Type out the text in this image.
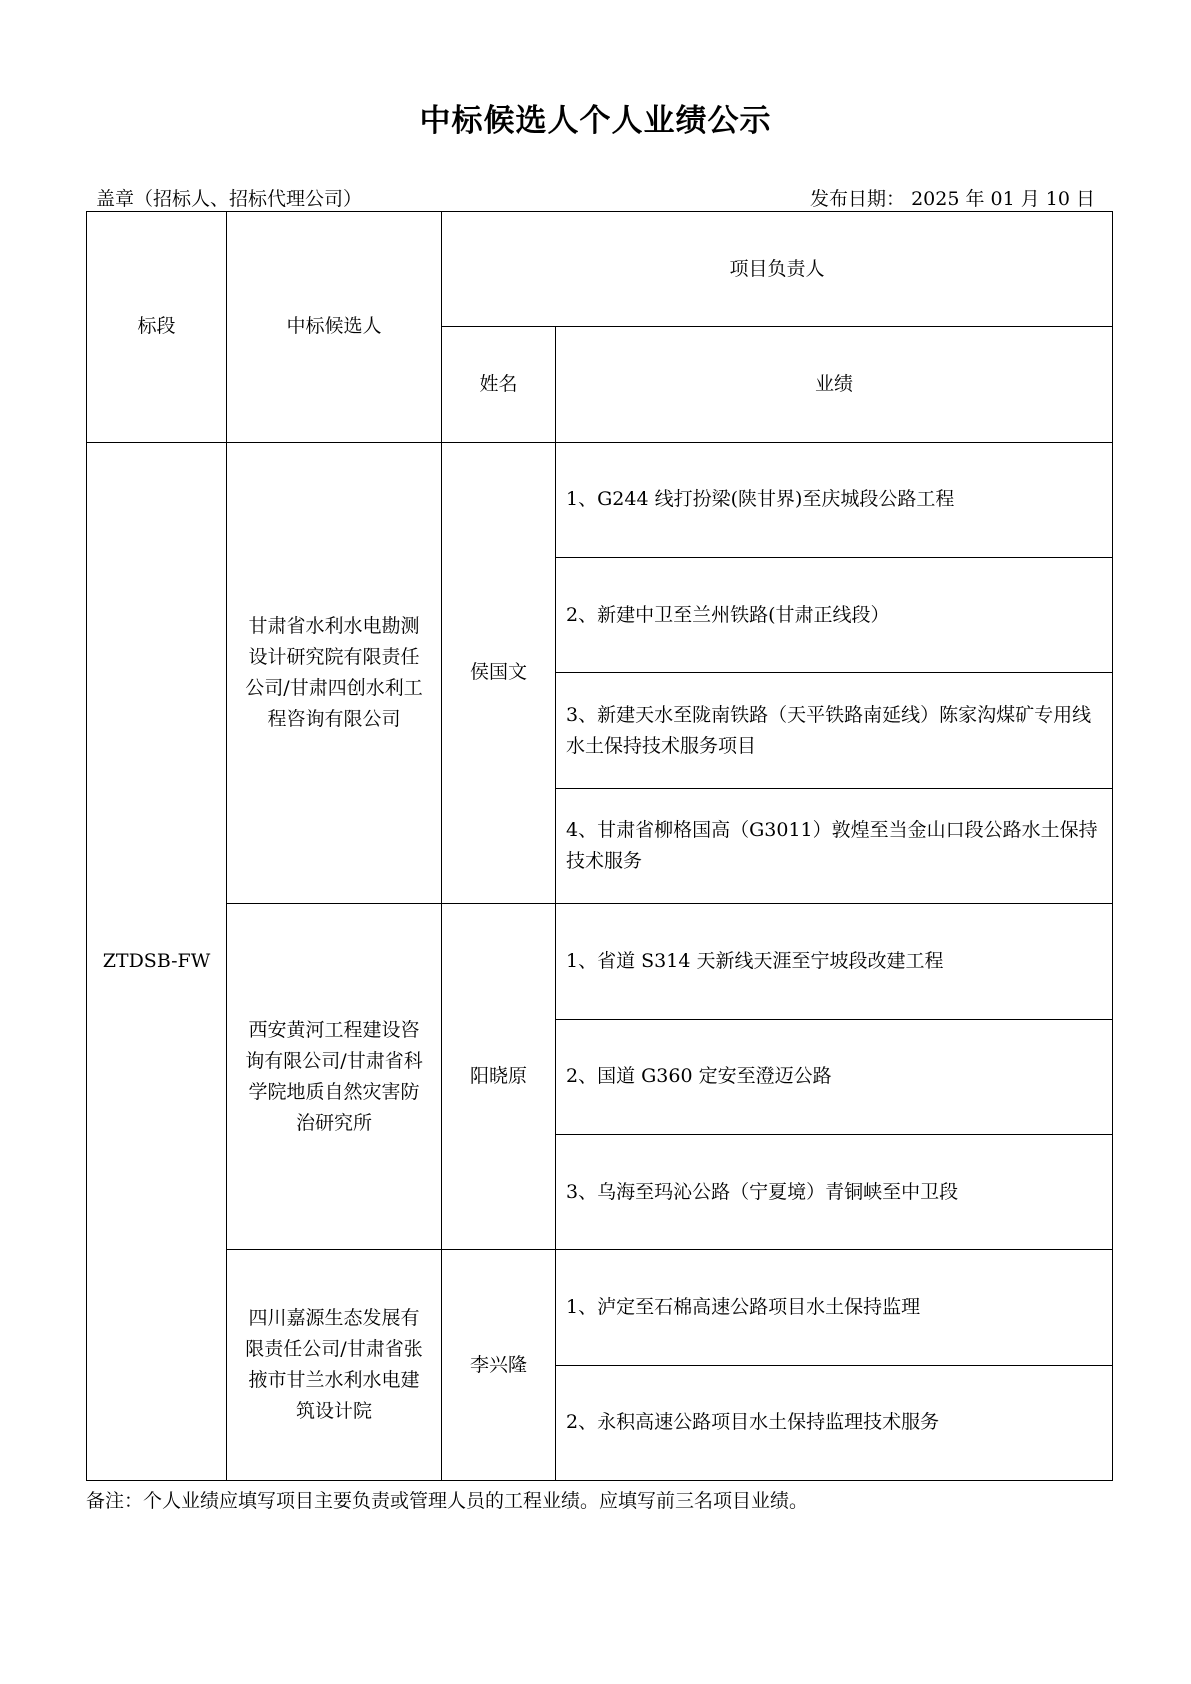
中标候选人个人业绩公示
盖章（招标人、招标代理公司）	发布日期： 2025 年 01 月 10 日
标段	中标候选人	项目负责人	
		姓名	业绩
ZTDSB-FW	甘肃省水利水电勘测设计研究院有限责任公司/甘肃四创水利工程咨询有限公司	侯国文	1、G244 线打扮梁(陕甘界)至庆城段公路工程
			2、新建中卫至兰州铁路(甘肃正线段）
			3、新建天水至陇南铁路（天平铁路南延线）陈家沟煤矿专用线水土保持技术服务项目
			4、甘肃省柳格国高（G3011）敦煌至当金山口段公路水土保持技术服务
	西安黄河工程建设咨询有限公司/甘肃省科学院地质自然灾害防治研究所	阳晓原	1、省道 S314 天新线天涯至宁坡段改建工程
			2、国道 G360 定安至澄迈公路
			3、乌海至玛沁公路（宁夏境）青铜峡至中卫段
	四川嘉源生态发展有限责任公司/甘肃省张掖市甘兰水利水电建筑设计院	李兴隆	1、泸定至石棉高速公路项目水土保持监理
			2、永积高速公路项目水土保持监理技术服务
备注：个人业绩应填写项目主要负责或管理人员的工程业绩。应填写前三名项目业绩。
